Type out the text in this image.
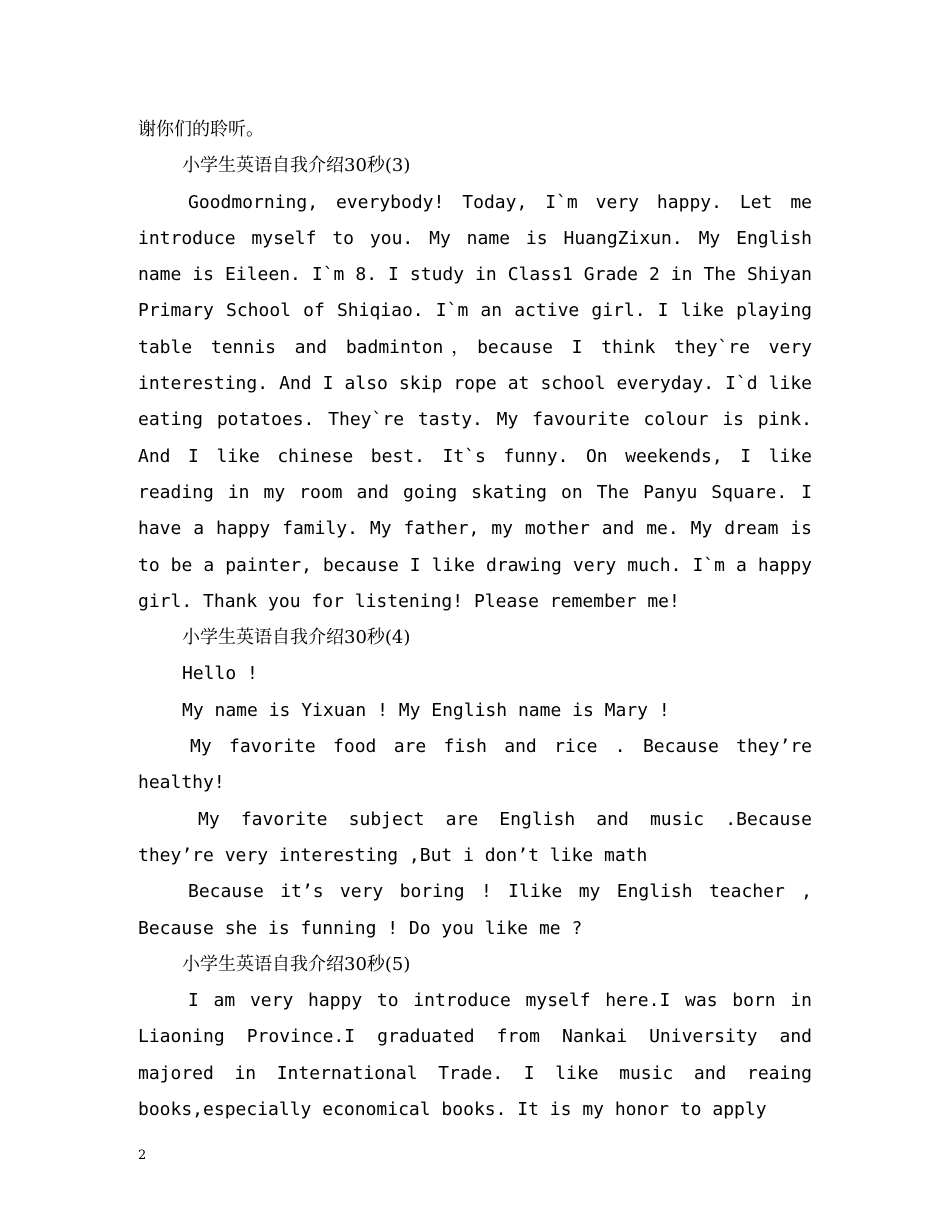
谢你们的聆听。

小学生英语自我介绍30秒(3)

Goodmorning, everybody! Today, I`m very happy. Let me introduce myself to you. My name is HuangZixun. My English name is Eileen. I`m 8. I study in Class1 Grade 2 in The Shiyan Primary School of Shiqiao. I`m an active girl. I like playing table tennis and badminton，because I think they`re very interesting. And I also skip rope at school everyday. I`d like eating potatoes. They`re tasty. My favourite colour is pink. And I like chinese best. It`s funny. On weekends, I like reading in my room and going skating on The Panyu Square. I have a happy family. My father, my mother and me. My dream is to be a painter, because I like drawing very much. I`m a happy girl. Thank you for listening! Please remember me!

小学生英语自我介绍30秒(4)

Hello !

My name is Yixuan ! My English name is Mary !

My favorite food are fish and rice . Because they’re healthy!

My favorite subject are English and music .Because they’re very interesting ,But i don’t like math

Because it’s very boring ! Ilike my English teacher , Because she is funning ! Do you like me ?

小学生英语自我介绍30秒(5)

I am very happy to introduce myself here.I was born in Liaoning Province.I graduated from Nankai University and majored in International Trade. I like music and reaing books,especially economical books. It is my honor to apply

2
